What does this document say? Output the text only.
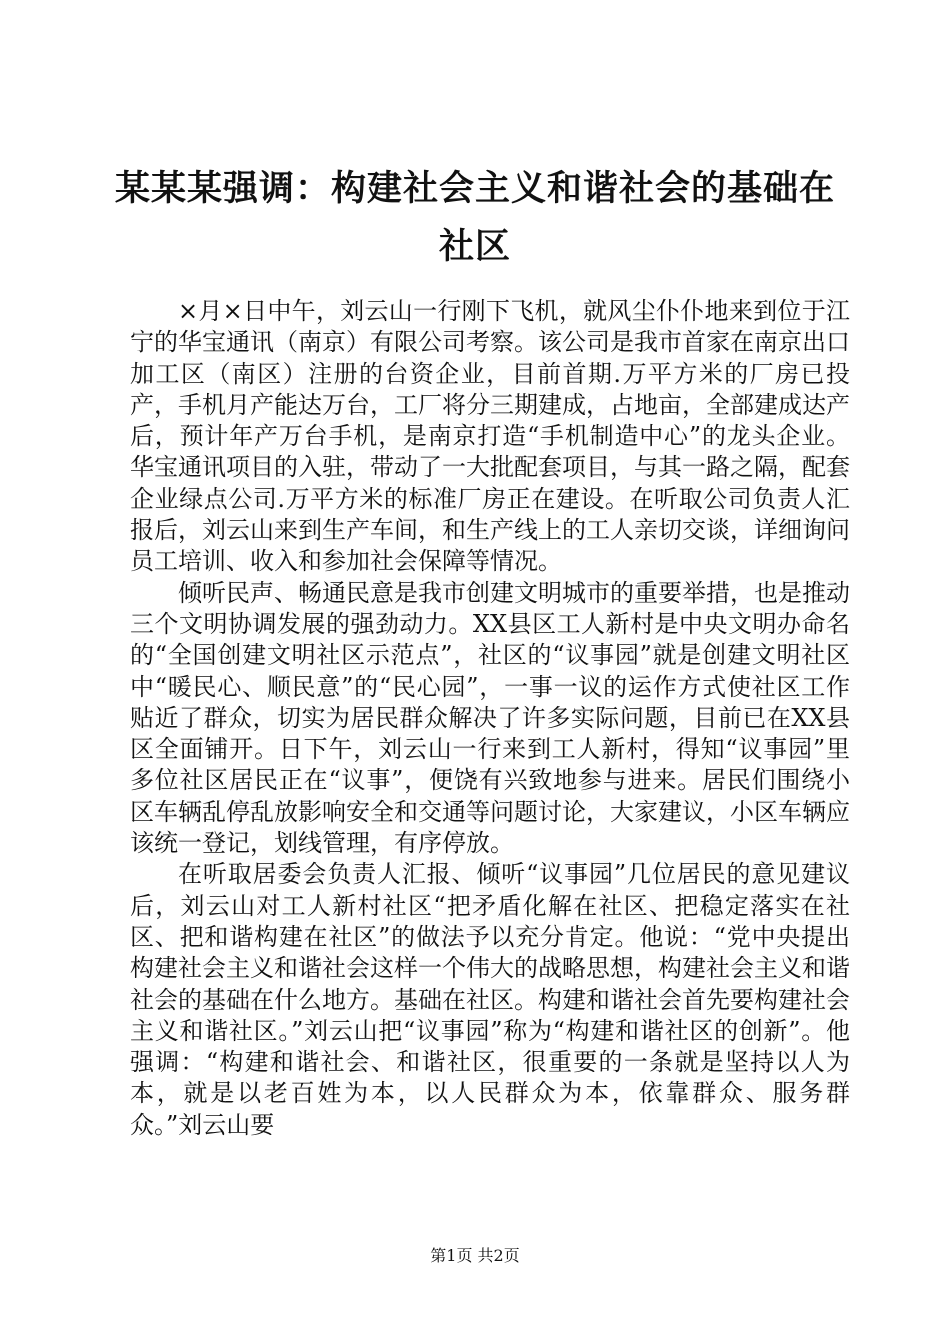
某某某强调：构建社会主义和谐社会的基础在社区

×月×日中午，刘云山一行刚下飞机，就风尘仆仆地来到位于江宁的华宝通讯（南京）有限公司考察。该公司是我市首家在南京出口加工区（南区）注册的台资企业，目前首期.万平方米的厂房已投产，手机月产能达万台，工厂将分三期建成，占地亩，全部建成达产后，预计年产万台手机，是南京打造“手机制造中心”的龙头企业。华宝通讯项目的入驻，带动了一大批配套项目，与其一路之隔，配套企业绿点公司.万平方米的标准厂房正在建设。在听取公司负责人汇报后，刘云山来到生产车间，和生产线上的工人亲切交谈，详细询问员工培训、收入和参加社会保障等情况。

倾听民声、畅通民意是我市创建文明城市的重要举措，也是推动三个文明协调发展的强劲动力。XX县区工人新村是中央文明办命名的“全国创建文明社区示范点”，社区的“议事园”就是创建文明社区中“暖民心、顺民意”的“民心园”，一事一议的运作方式使社区工作贴近了群众，切实为居民群众解决了许多实际问题，目前已在XX县区全面铺开。日下午，刘云山一行来到工人新村，得知“议事园”里多位社区居民正在“议事”，便饶有兴致地参与进来。居民们围绕小区车辆乱停乱放影响安全和交通等问题讨论，大家建议，小区车辆应该统一登记，划线管理，有序停放。

在听取居委会负责人汇报、倾听“议事园”几位居民的意见建议后，刘云山对工人新村社区“把矛盾化解在社区、把稳定落实在社区、把和谐构建在社区”的做法予以充分肯定。他说：“党中央提出构建社会主义和谐社会这样一个伟大的战略思想，构建社会主义和谐社会的基础在什么地方。基础在社区。构建和谐社会首先要构建社会主义和谐社区。”刘云山把“议事园”称为“构建和谐社区的创新”。他强调：“构建和谐社会、和谐社区，很重要的一条就是坚持以人为本，就是以老百姓为本，以人民群众为本，依靠群众、服务群众。”刘云山要

第1页 共2页
